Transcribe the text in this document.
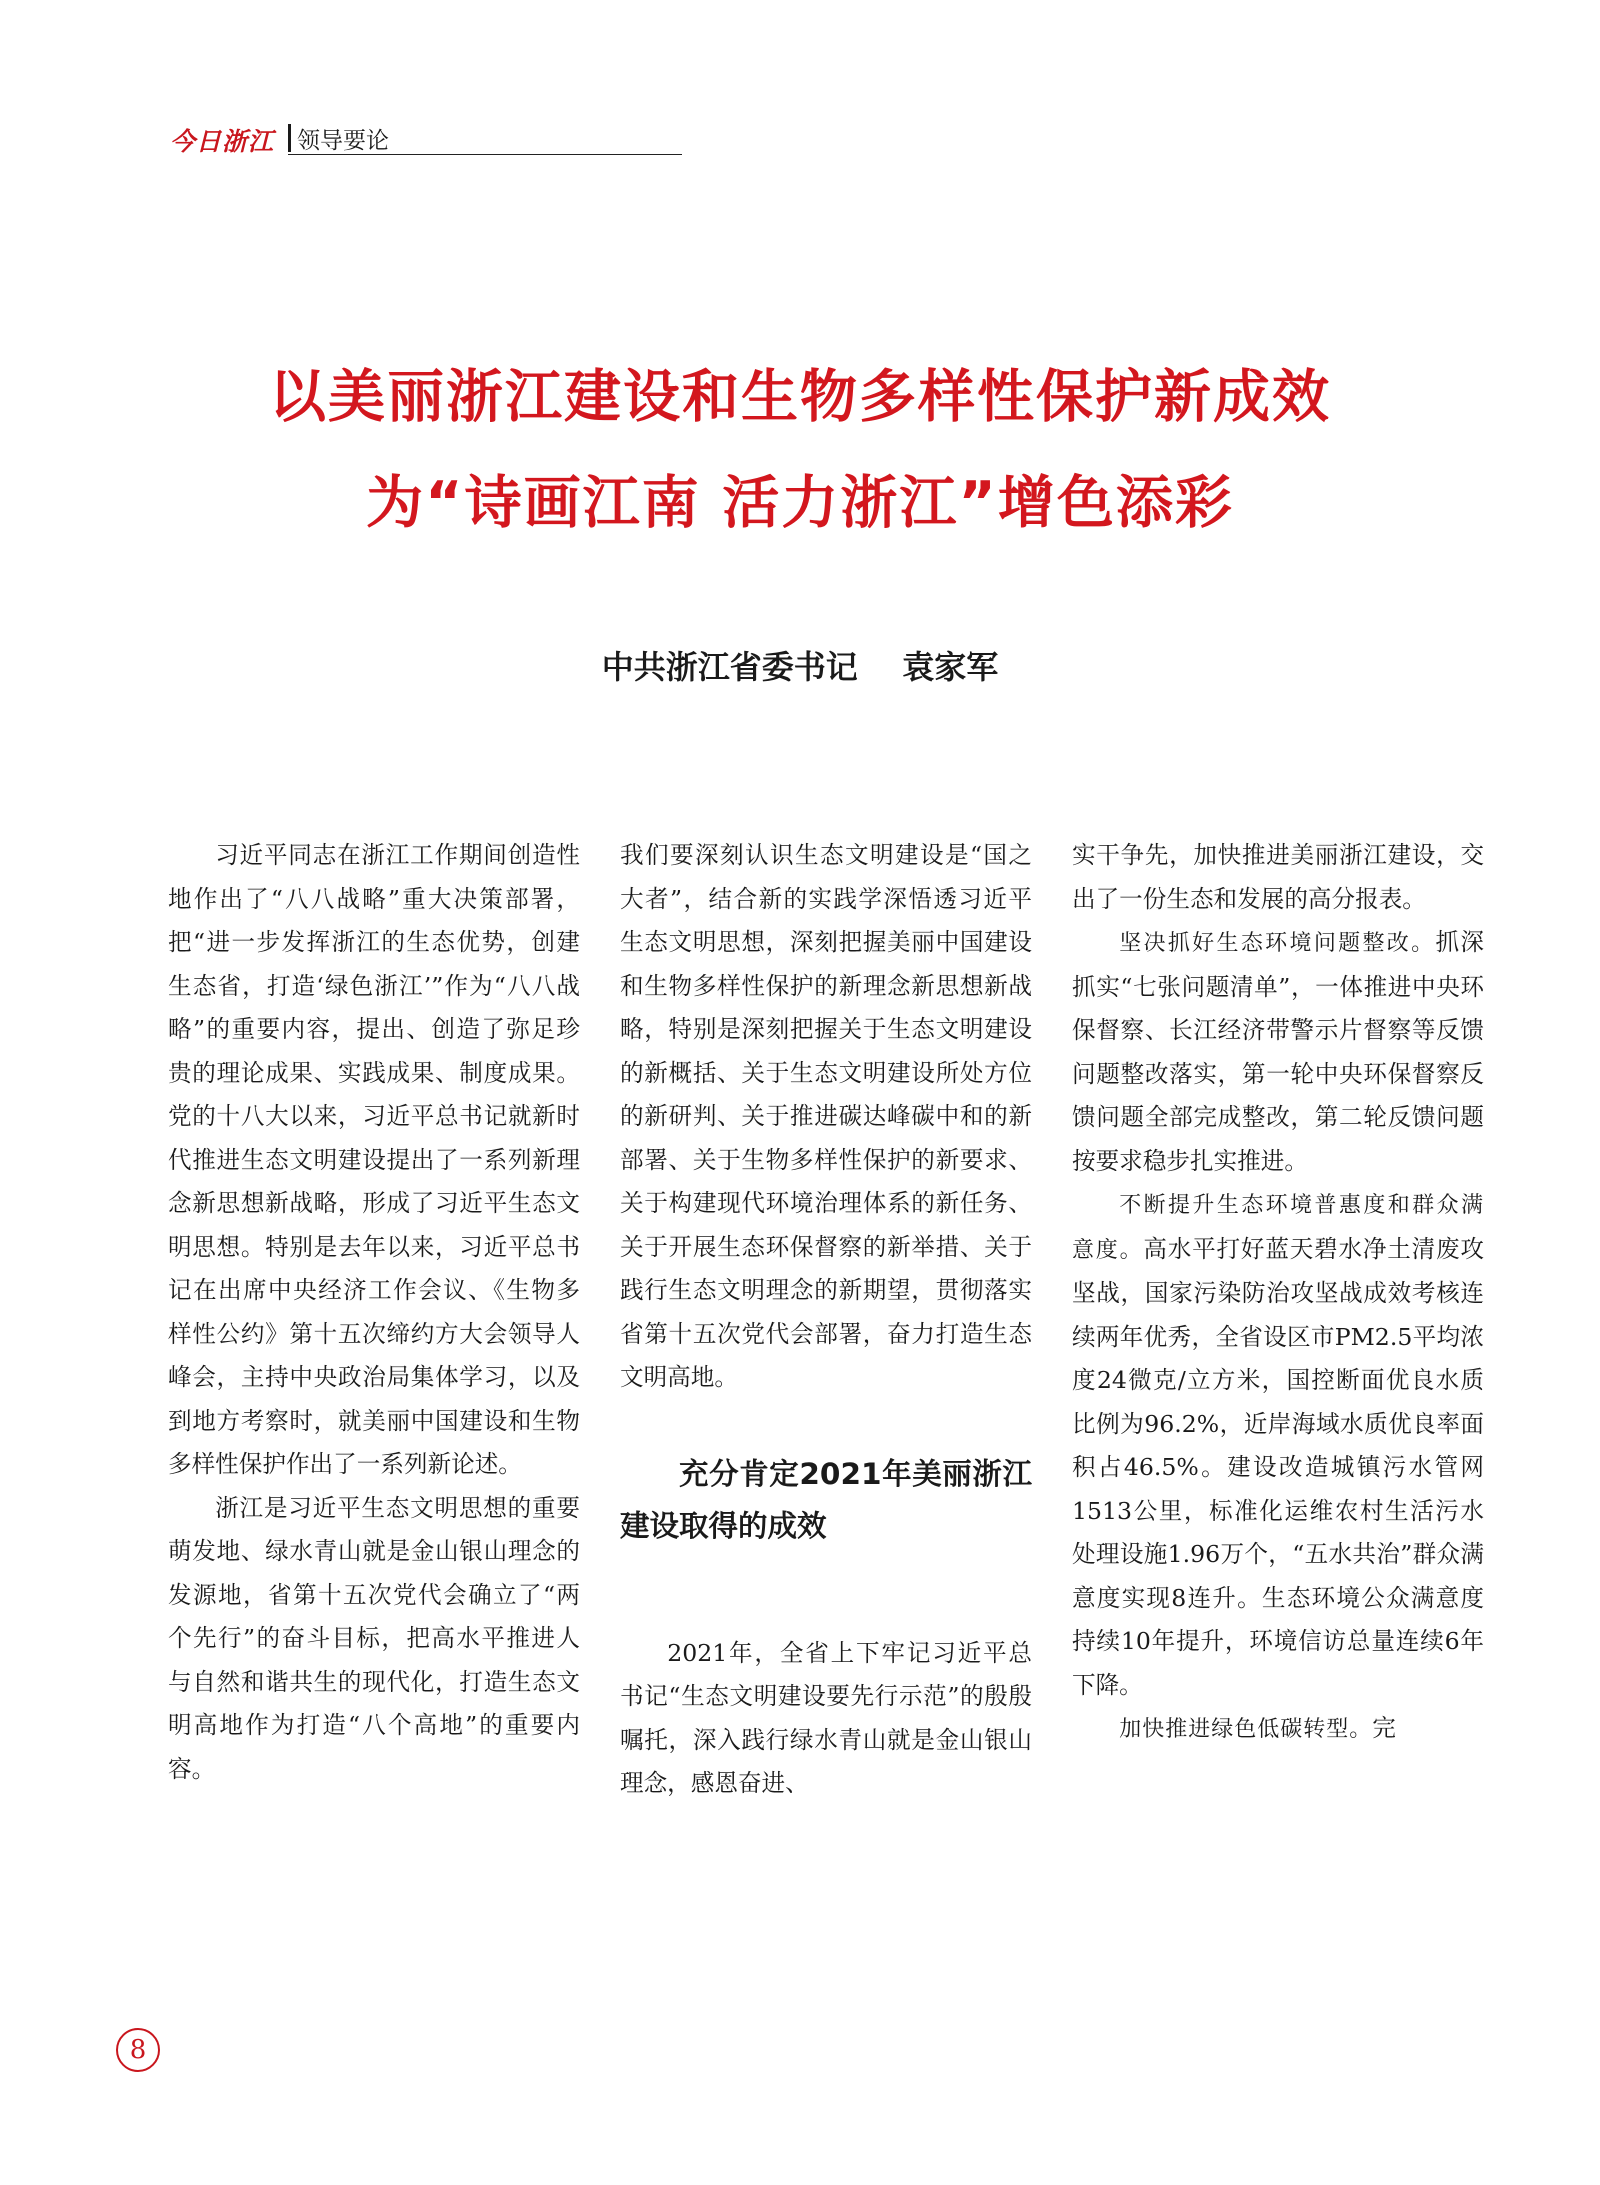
今日浙江 领导要论
以美丽浙江建设和生物多样性保护新成效
为“诗画江南 活力浙江”增色添彩
中共浙江省委书记    袁家军

习近平同志在浙江工作期间创造性地作出了“八八战略”重大决策部署，把“进一步发挥浙江的生态优势，创建生态省，打造‘绿色浙江’”作为“八八战略”的重要内容，提出、创造了弥足珍贵的理论成果、实践成果、制度成果。党的十八大以来，习近平总书记就新时代推进生态文明建设提出了一系列新理念新思想新战略，形成了习近平生态文明思想。特别是去年以来，习近平总书记在出席中央经济工作会议、《生物多样性公约》第十五次缔约方大会领导人峰会，主持中央政治局集体学习，以及到地方考察时，就美丽中国建设和生物多样性保护作出了一系列新论述。

浙江是习近平生态文明思想的重要萌发地、绿水青山就是金山银山理念的发源地，省第十五次党代会确立了“两个先行”的奋斗目标，把高水平推进人与自然和谐共生的现代化，打造生态文明高地作为打造“八个高地”的重要内容。

我们要深刻认识生态文明建设是“国之大者”，结合新的实践学深悟透习近平生态文明思想，深刻把握美丽中国建设和生物多样性保护的新理念新思想新战略，特别是深刻把握关于生态文明建设的新概括、关于生态文明建设所处方位的新研判、关于推进碳达峰碳中和的新部署、关于生物多样性保护的新要求、关于构建现代环境治理体系的新任务、关于开展生态环保督察的新举措、关于践行生态文明理念的新期望，贯彻落实省第十五次党代会部署，奋力打造生态文明高地。

充分肯定2021年美丽浙江建设取得的成效

2021年，全省上下牢记习近平总书记“生态文明建设要先行示范”的殷殷嘱托，深入践行绿水青山就是金山银山理念，感恩奋进、

实干争先，加快推进美丽浙江建设，交出了一份生态和发展的高分报表。

坚决抓好生态环境问题整改。抓深抓实“七张问题清单”，一体推进中央环保督察、长江经济带警示片督察等反馈问题整改落实，第一轮中央环保督察反馈问题全部完成整改，第二轮反馈问题按要求稳步扎实推进。

不断提升生态环境普惠度和群众满意度。高水平打好蓝天碧水净土清废攻坚战，国家污染防治攻坚战成效考核连续两年优秀，全省设区市PM2.5平均浓度24微克/立方米，国控断面优良水质比例为96.2%，近岸海域水质优良率面积占46.5%。建设改造城镇污水管网1513公里，标准化运维农村生活污水处理设施1.96万个，“五水共治”群众满意度实现8连升。生态环境公众满意度持续10年提升，环境信访总量连续6年下降。

加快推进绿色低碳转型。完

8
